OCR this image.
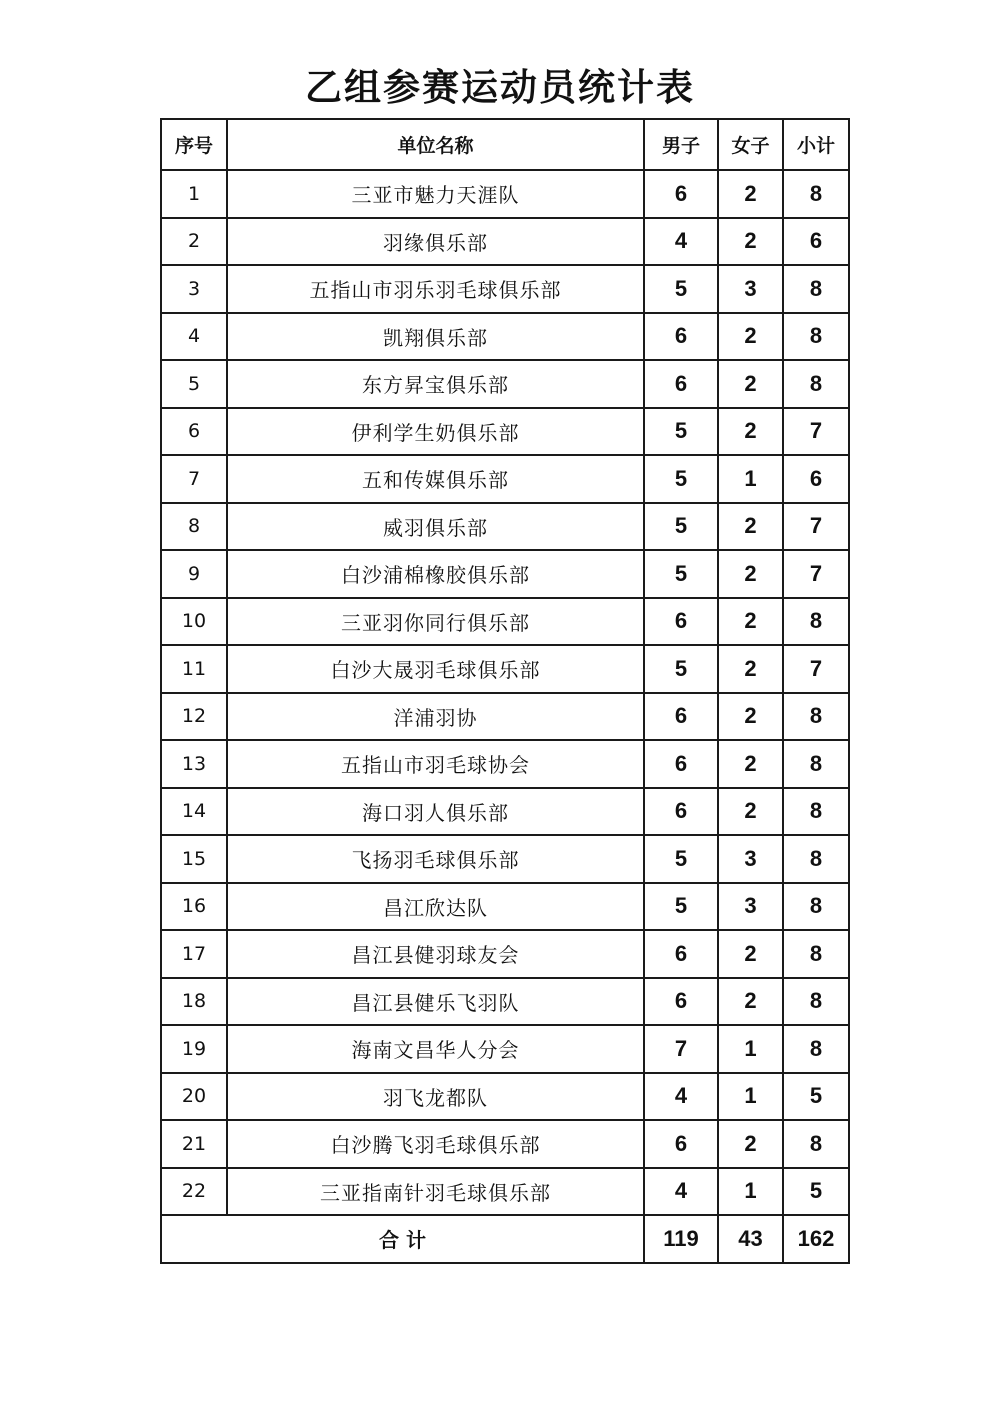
乙组参赛运动员统计表
序号	单位名称	男子	女子	小计
1	三亚市魅力天涯队	6	2	8
2	羽缘俱乐部	4	2	6
3	五指山市羽乐羽毛球俱乐部	5	3	8
4	凯翔俱乐部	6	2	8
5	东方昇宝俱乐部	6	2	8
6	伊利学生奶俱乐部	5	2	7
7	五和传媒俱乐部	5	1	6
8	威羽俱乐部	5	2	7
9	白沙浦棉橡胶俱乐部	5	2	7
10	三亚羽你同行俱乐部	6	2	8
11	白沙大晟羽毛球俱乐部	5	2	7
12	洋浦羽协	6	2	8
13	五指山市羽毛球协会	6	2	8
14	海口羽人俱乐部	6	2	8
15	飞扬羽毛球俱乐部	5	3	8
16	昌江欣达队	5	3	8
17	昌江县健羽球友会	6	2	8
18	昌江县健乐飞羽队	6	2	8
19	海南文昌华人分会	7	1	8
20	羽飞龙都队	4	1	5
21	白沙腾飞羽毛球俱乐部	6	2	8
22	三亚指南针羽毛球俱乐部	4	1	5
合 计		119	43	162
